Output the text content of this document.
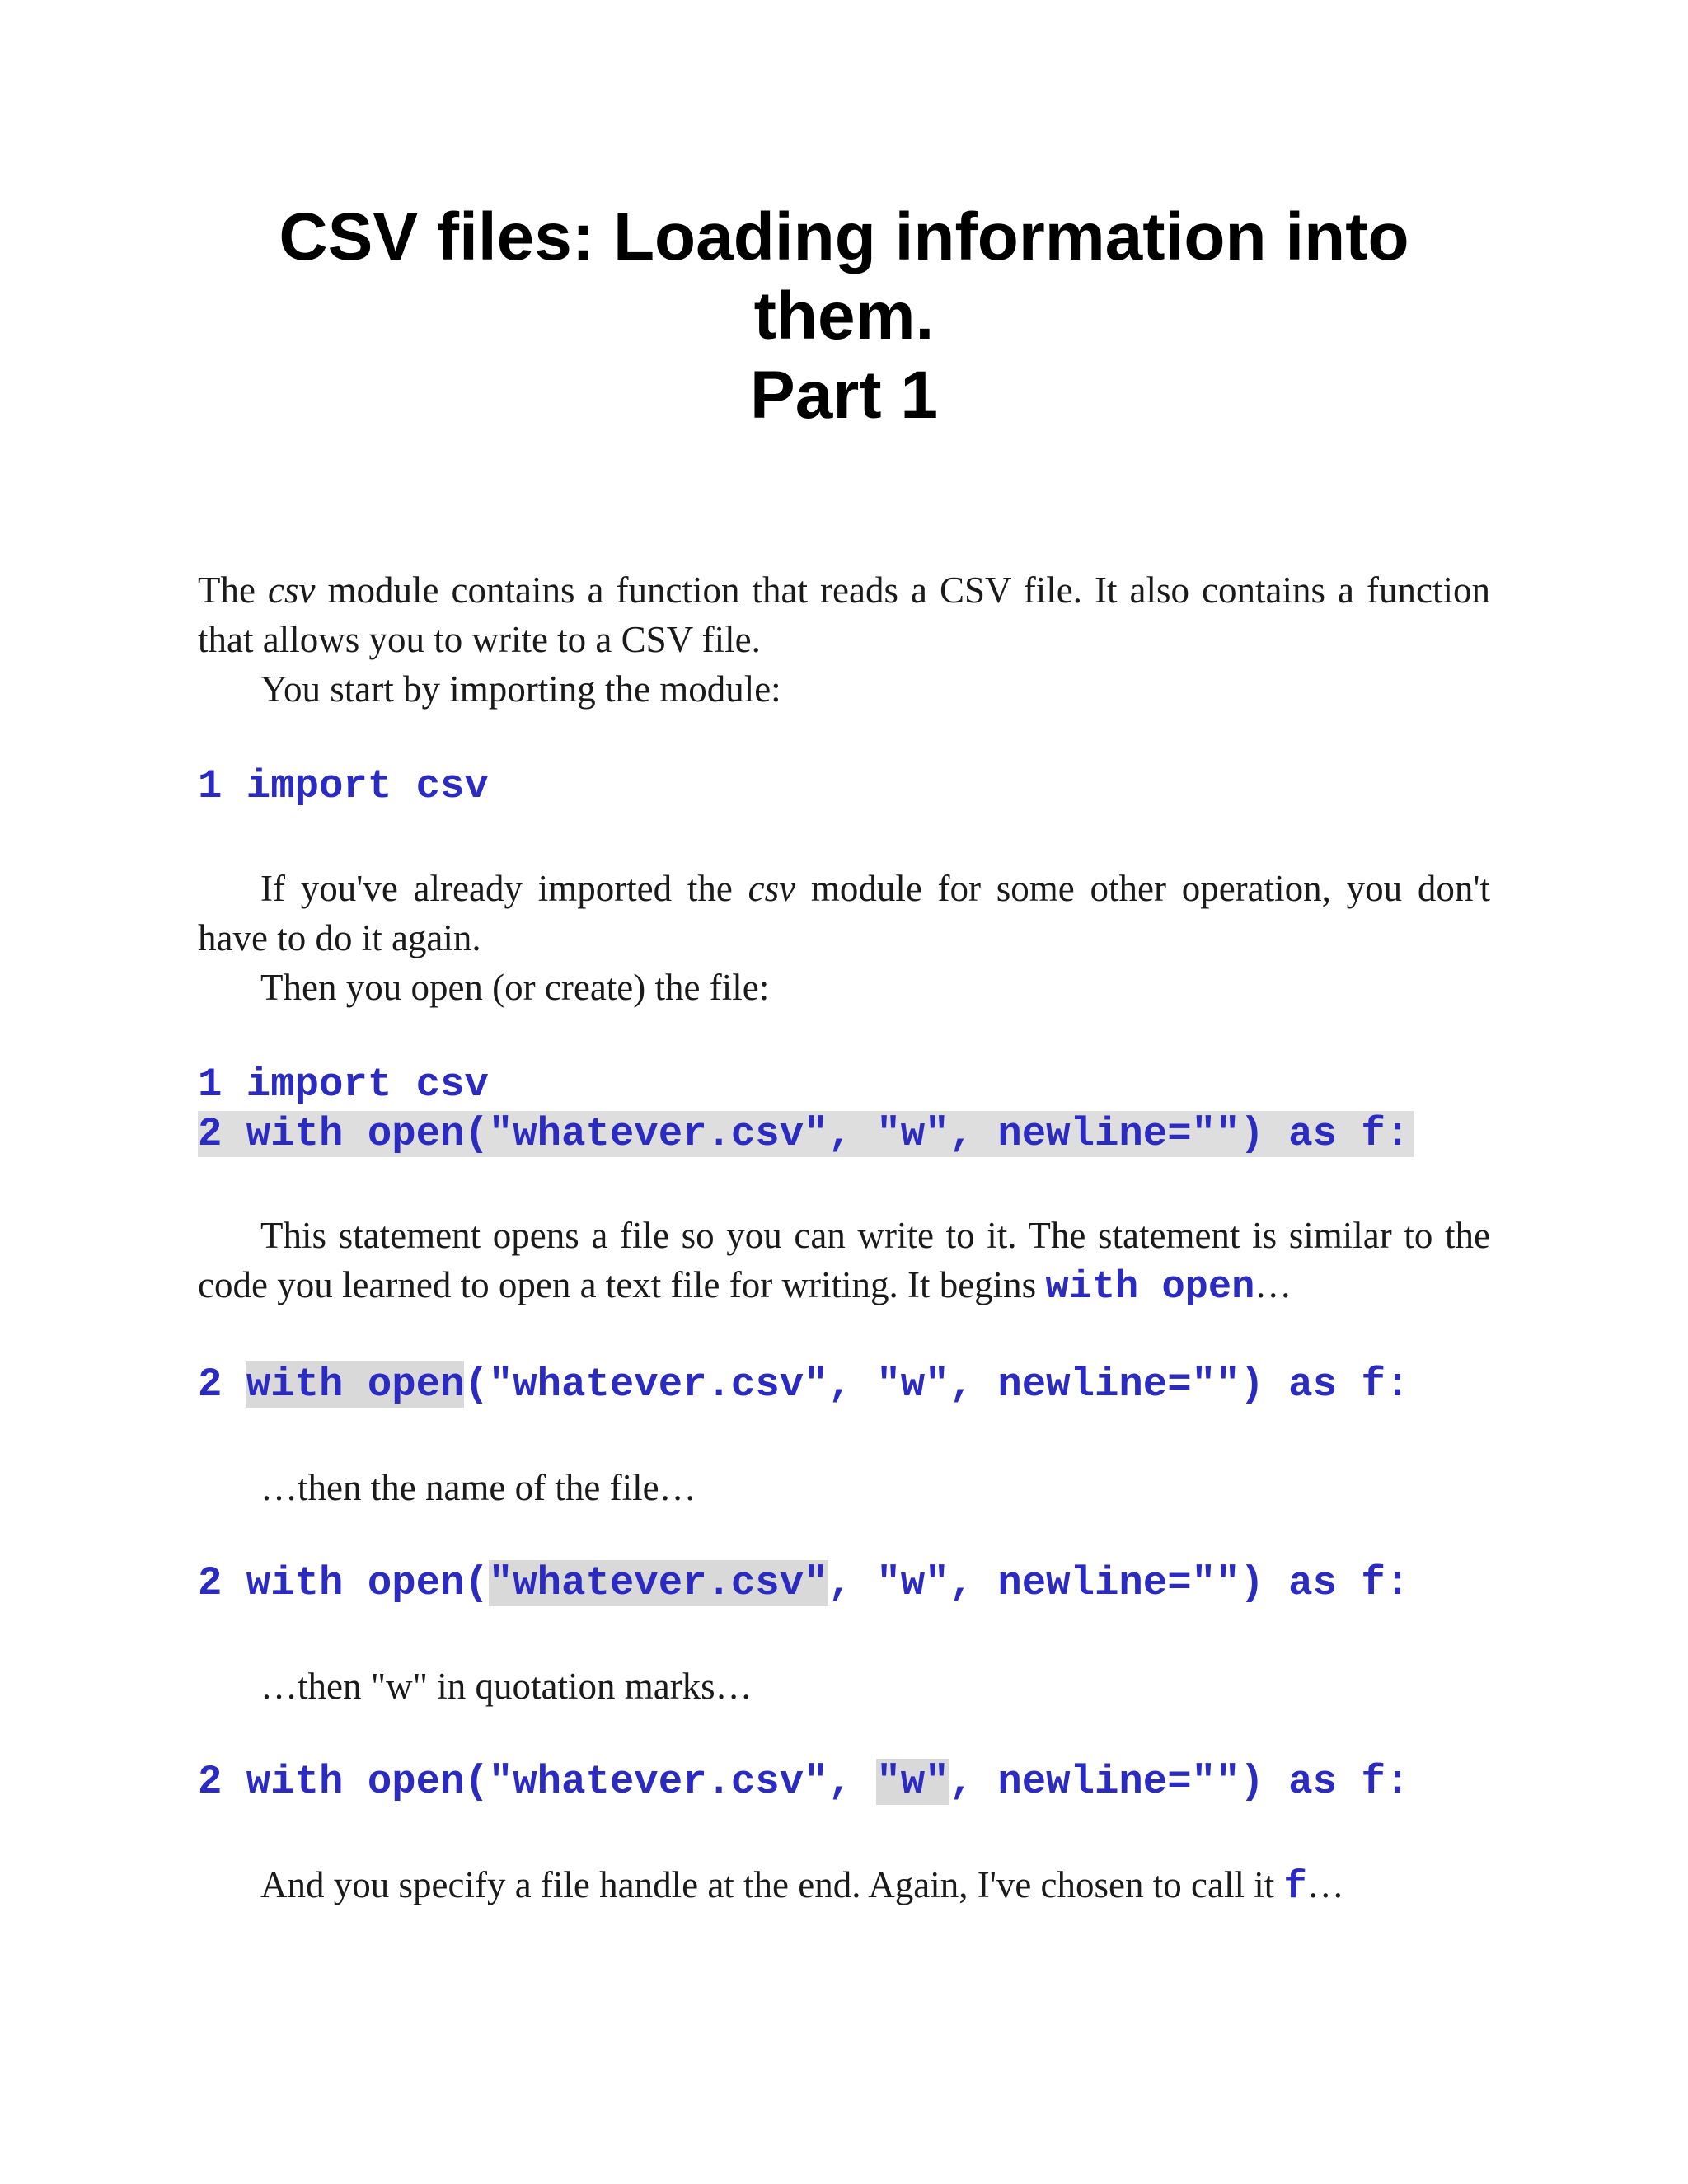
CSV files: Loading information into
them.
Part 1

The csv module contains a function that reads a CSV file. It also contains a function that allows you to write to a CSV file.

You start by importing the module:
1 import csv

If you've already imported the csv module for some other operation, you don't have to do it again.

Then you open (or create) the file:
1 import csv
2 with open("whatever.csv", "w", newline="") as f:

This statement opens a file so you can write to it. The statement is similar to the code you learned to open a text file for writing. It begins with open…

2 with open("whatever.csv", "w", newline="") as f:
…then the name of the file…
2 with open("whatever.csv", "w", newline="") as f:
…then "w" in quotation marks…
2 with open("whatever.csv", "w", newline="") as f:
And you specify a file handle at the end. Again, I've chosen to call it f…
